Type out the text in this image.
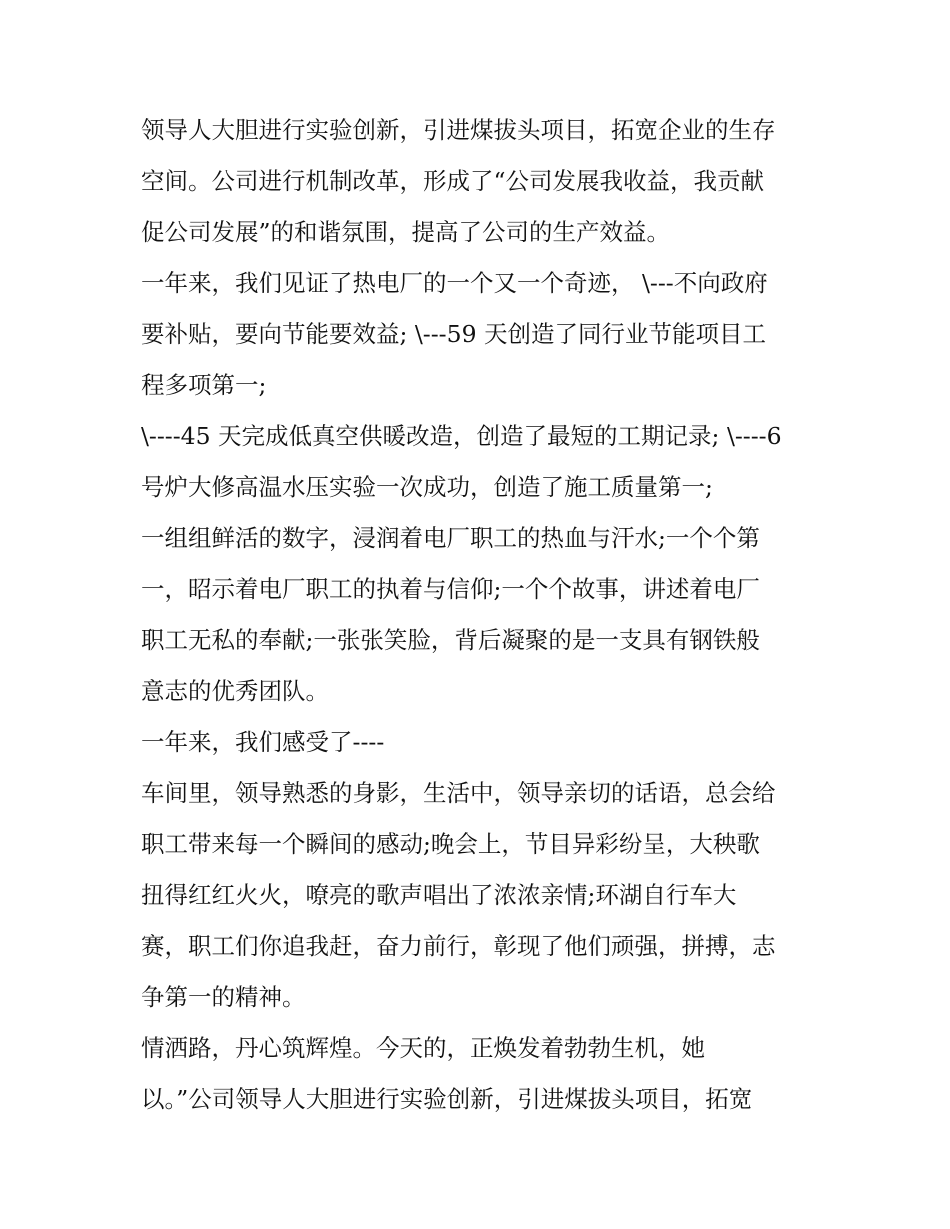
领导人大胆进行实验创新，引进煤拔头项目，拓宽企业的生存
空间。公司进行机制改革，形成了“公司发展我收益，我贡献
促公司发展”的和谐氛围，提高了公司的生产效益。
一年来，我们见证了热电厂的一个又一个奇迹， \---不向政府
要补贴，要向节能要效益; \---59 天创造了同行业节能项目工
程多项第一;
\----45 天完成低真空供暖改造，创造了最短的工期记录; \----6
号炉大修高温水压实验一次成功，创造了施工质量第一;
一组组鲜活的数字，浸润着电厂职工的热血与汗水;一个个第
一，昭示着电厂职工的执着与信仰;一个个故事，讲述着电厂
职工无私的奉献;一张张笑脸，背后凝聚的是一支具有钢铁般
意志的优秀团队。
一年来，我们感受了----
车间里，领导熟悉的身影，生活中，领导亲切的话语，总会给
职工带来每一个瞬间的感动;晚会上，节目异彩纷呈，大秧歌
扭得红红火火，嘹亮的歌声唱出了浓浓亲情;环湖自行车大
赛，职工们你追我赶，奋力前行，彰现了他们顽强，拼搏，志
争第一的精神。
情洒路，丹心筑辉煌。今天的，正焕发着勃勃生机，她
以。”公司领导人大胆进行实验创新，引进煤拔头项目，拓宽
